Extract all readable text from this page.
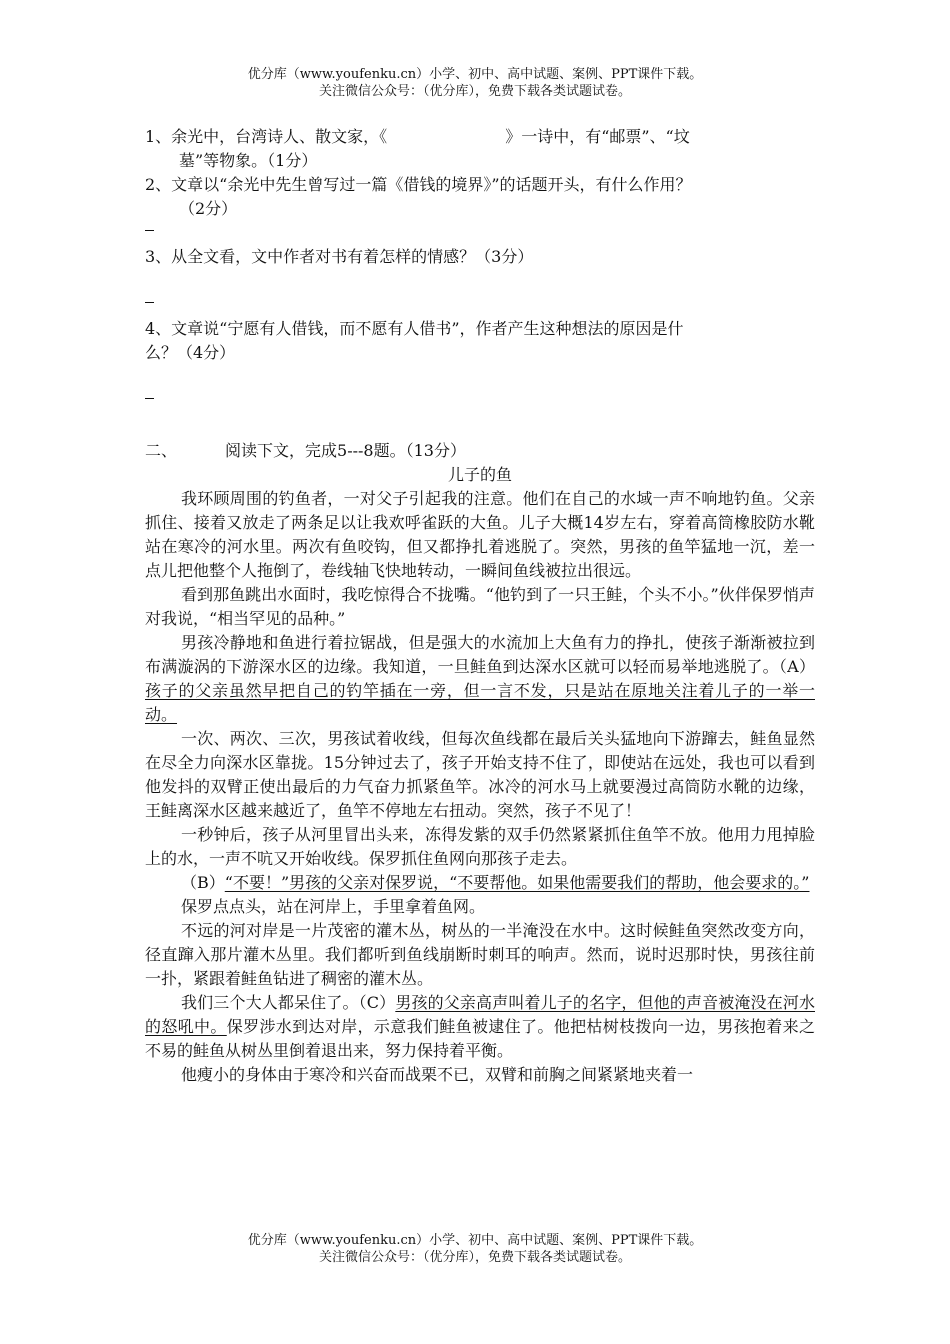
优分库（www.youfenku.cn）小学、初中、高中试题、案例、PPT课件下载。
关注微信公众号：（优分库），免费下载各类试题试卷。

1、余光中，台湾诗人、散文家，《	》一诗中，有“邮票”、“坟
墓”等物象。（1分）

2、文章以“余光中先生曾写过一篇《借钱的境界》”的话题开头，有什么作用？
（2分）

3、从全文看，文中作者对书有着怎样的情感？（3分）

4、文章说“宁愿有人借钱，而不愿有人借书”，作者产生这种想法的原因是什
么？（4分）

二、	阅读下文，完成5---8题。（13分）

儿子的鱼

我环顾周围的钓鱼者，一对父子引起我的注意。他们在自己的水域一声不响地钓鱼。父亲抓住、接着又放走了两条足以让我欢呼雀跃的大鱼。儿子大概14岁左右，穿着高筒橡胶防水靴站在寒冷的河水里。两次有鱼咬钩，但又都挣扎着逃脱了。突然，男孩的鱼竿猛地一沉，差一点儿把他整个人拖倒了，卷线轴飞快地转动，一瞬间鱼线被拉出很远。

看到那鱼跳出水面时，我吃惊得合不拢嘴。“他钓到了一只王鲑，个头不小。”伙伴保罗悄声对我说，“相当罕见的品种。”

男孩冷静地和鱼进行着拉锯战，但是强大的水流加上大鱼有力的挣扎，使孩子渐渐被拉到布满漩涡的下游深水区的边缘。我知道，一旦鲑鱼到达深水区就可以轻而易举地逃脱了。（A）孩子的父亲虽然早把自己的钓竿插在一旁，但一言不发，只是站在原地关注着儿子的一举一动。

一次、两次、三次，男孩试着收线，但每次鱼线都在最后关头猛地向下游蹿去，鲑鱼显然在尽全力向深水区靠拢。15分钟过去了，孩子开始支持不住了，即使站在远处，我也可以看到他发抖的双臂正使出最后的力气奋力抓紧鱼竿。冰冷的河水马上就要漫过高筒防水靴的边缘，王鲑离深水区越来越近了，鱼竿不停地左右扭动。突然，孩子不见了！

一秒钟后，孩子从河里冒出头来，冻得发紫的双手仍然紧紧抓住鱼竿不放。他用力甩掉脸上的水，一声不吭又开始收线。保罗抓住鱼网向那孩子走去。

（B）“不要！”男孩的父亲对保罗说，“不要帮他。如果他需要我们的帮助，他会要求的。”

保罗点点头，站在河岸上，手里拿着鱼网。

不远的河对岸是一片茂密的灌木丛，树丛的一半淹没在水中。这时候鲑鱼突然改变方向，径直蹿入那片灌木丛里。我们都听到鱼线崩断时刺耳的响声。然而，说时迟那时快，男孩往前一扑，紧跟着鲑鱼钻进了稠密的灌木丛。

我们三个大人都呆住了。（C）男孩的父亲高声叫着儿子的名字，但他的声音被淹没在河水的怒吼中。保罗涉水到达对岸，示意我们鲑鱼被逮住了。他把枯树枝拨向一边，男孩抱着来之不易的鲑鱼从树丛里倒着退出来，努力保持着平衡。

他瘦小的身体由于寒冷和兴奋而战栗不已，双臂和前胸之间紧紧地夹着一

优分库（www.youfenku.cn）小学、初中、高中试题、案例、PPT课件下载。
关注微信公众号：（优分库），免费下载各类试题试卷。
